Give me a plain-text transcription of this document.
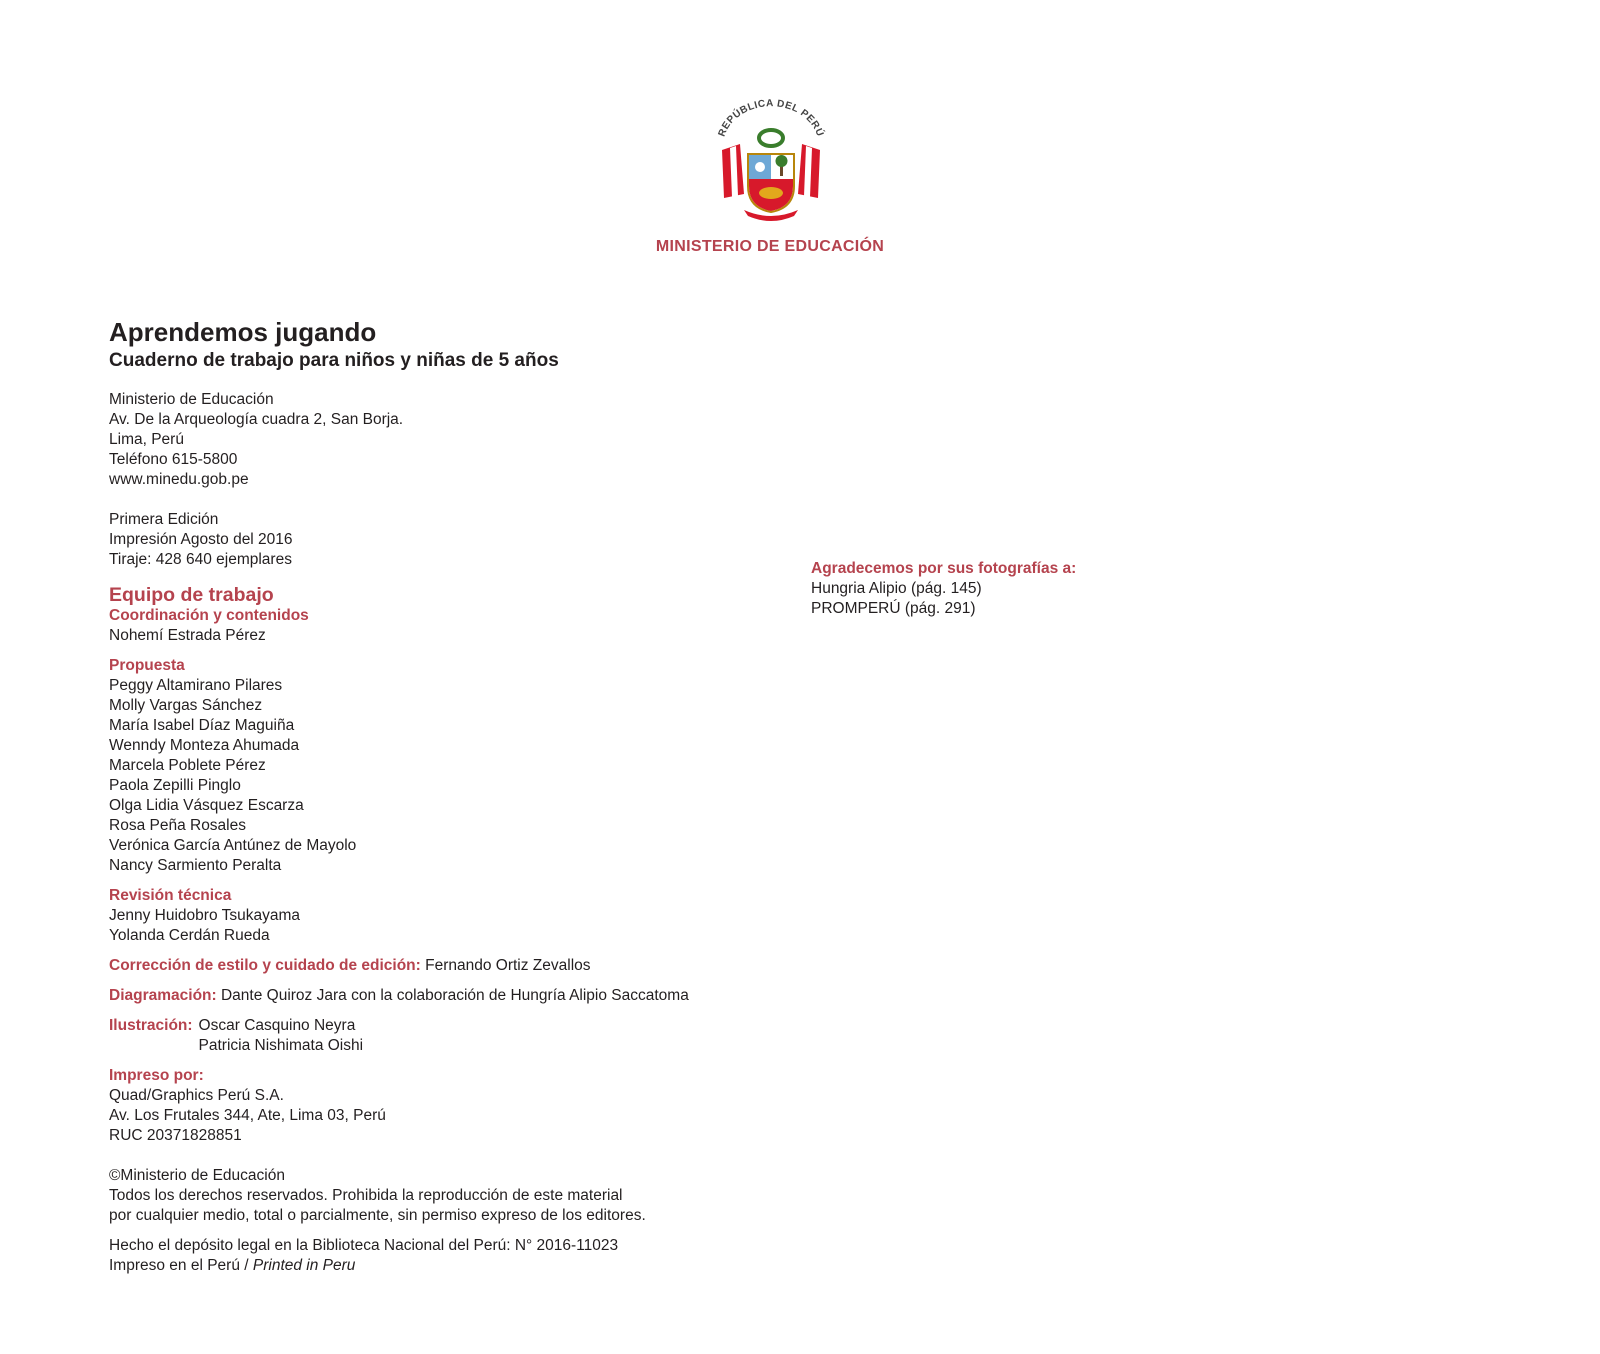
REPÚBLICA DEL PERÚ
MINISTERIO DE EDUCACIÓN
Aprendemos jugando
Cuaderno de trabajo para niños y niñas de 5 años
Ministerio de Educación
Av. De la Arqueología cuadra 2, San Borja.
Lima, Perú
Teléfono 615-5800
www.minedu.gob.pe
Primera Edición
Impresión Agosto del 2016
Tiraje: 428 640 ejemplares
Equipo de trabajo
Coordinación y contenidos
Nohemí Estrada Pérez
Propuesta
Peggy Altamirano Pilares
Molly Vargas Sánchez
María Isabel Díaz Maguiña
Wenndy Monteza Ahumada
Marcela Poblete Pérez
Paola Zepilli Pinglo
Olga Lidia Vásquez Escarza
Rosa Peña Rosales
Verónica García Antúnez de Mayolo
Nancy Sarmiento Peralta
Revisión técnica
Jenny Huidobro Tsukayama
Yolanda Cerdán Rueda
Corrección de estilo y cuidado de edición: Fernando Ortiz Zevallos
Diagramación: Dante Quiroz Jara con la colaboración de Hungría Alipio Saccatoma
Ilustración: Oscar Casquino Neyra
Patricia Nishimata Oishi
Impreso por:
Quad/Graphics Perú S.A.
Av. Los Frutales 344, Ate, Lima 03, Perú
RUC 20371828851
©Ministerio de Educación
Todos los derechos reservados. Prohibida la reproducción de este material
por cualquier medio, total o parcialmente, sin permiso expreso de los editores.
Hecho el depósito legal en la Biblioteca Nacional del Perú: N° 2016-11023
Impreso en el Perú / Printed in Peru
Agradecemos por sus fotografías a:
Hungria Alipio (pág. 145)
PROMPERÚ (pág. 291)
